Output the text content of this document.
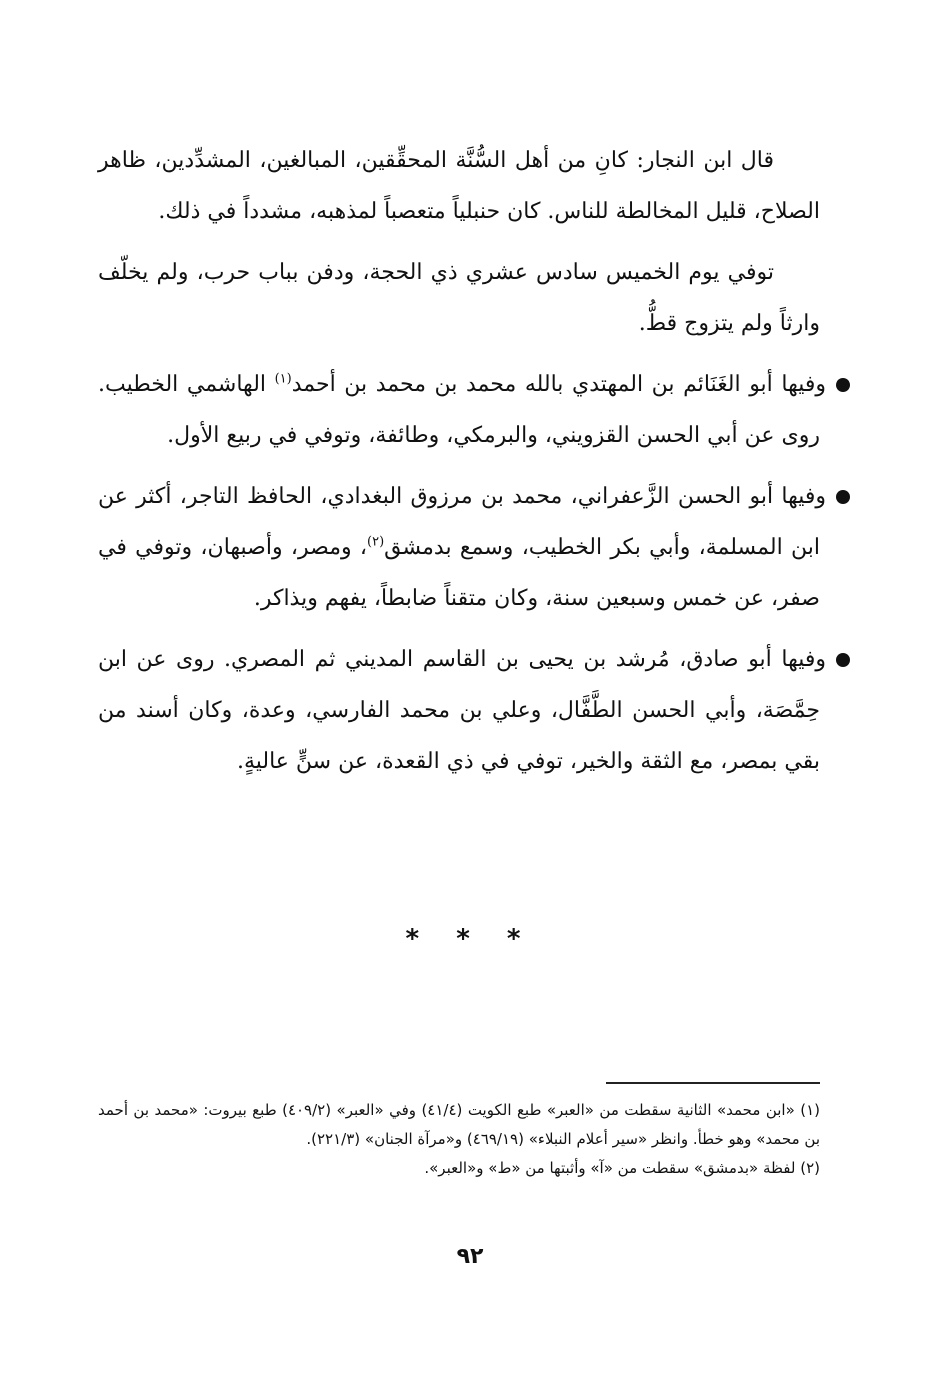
قال ابن النجار: كانِ من أهل السُّنَّة المحقِّقين، المبالغين، المشدِّدين، ظاهر الصلاح، قليل المخالطة للناس. كان حنبلياً متعصباً لمذهبه، مشدداً في ذلك.

توفي يوم الخميس سادس عشري ذي الحجة، ودفن بباب حرب، ولم يخلّف وارثاً ولم يتزوج قطُّ.

وفيها أبو الغَنَائم بن المهتدي بالله محمد بن محمد بن أحمد$^{(١)}$ الهاشمي الخطيب. روى عن أبي الحسن القزويني، والبرمكي، وطائفة، وتوفي في ربيع الأول.

وفيها أبو الحسن الزَّعفراني، محمد بن مرزوق البغدادي، الحافظ التاجر، أكثر عن ابن المسلمة، وأبي بكر الخطيب، وسمع بدمشق$^{(٢)}$، ومصر، وأصبهان، وتوفي في صفر، عن خمس وسبعين سنة، وكان متقناً ضابطاً، يفهم ويذاكر.

وفيها أبو صادق، مُرشد بن يحيى بن القاسم المديني ثم المصري. روى عن ابن حِمَّصَة، وأبي الحسن الطَّفَّال، وعلي بن محمد الفارسي، وعدة، وكان أسند من بقي بمصر، مع الثقة والخير، توفي في ذي القعدة، عن سنٍّ عاليةٍ.

* * *

(١) «ابن محمد» الثانية سقطت من «العبر» طبع الكويت (٤١/٤) وفي «العبر» (٤٠٩/٢) طبع بيروت: «محمد بن أحمد بن محمد» وهو خطأ. وانظر «سير أعلام النبلاء» (٤٦٩/١٩) و«مرآة الجنان» (٢٢١/٣).

(٢) لفظة «بدمشق» سقطت من «آ» وأثبتها من «ط» و«العبر».

٩٢
